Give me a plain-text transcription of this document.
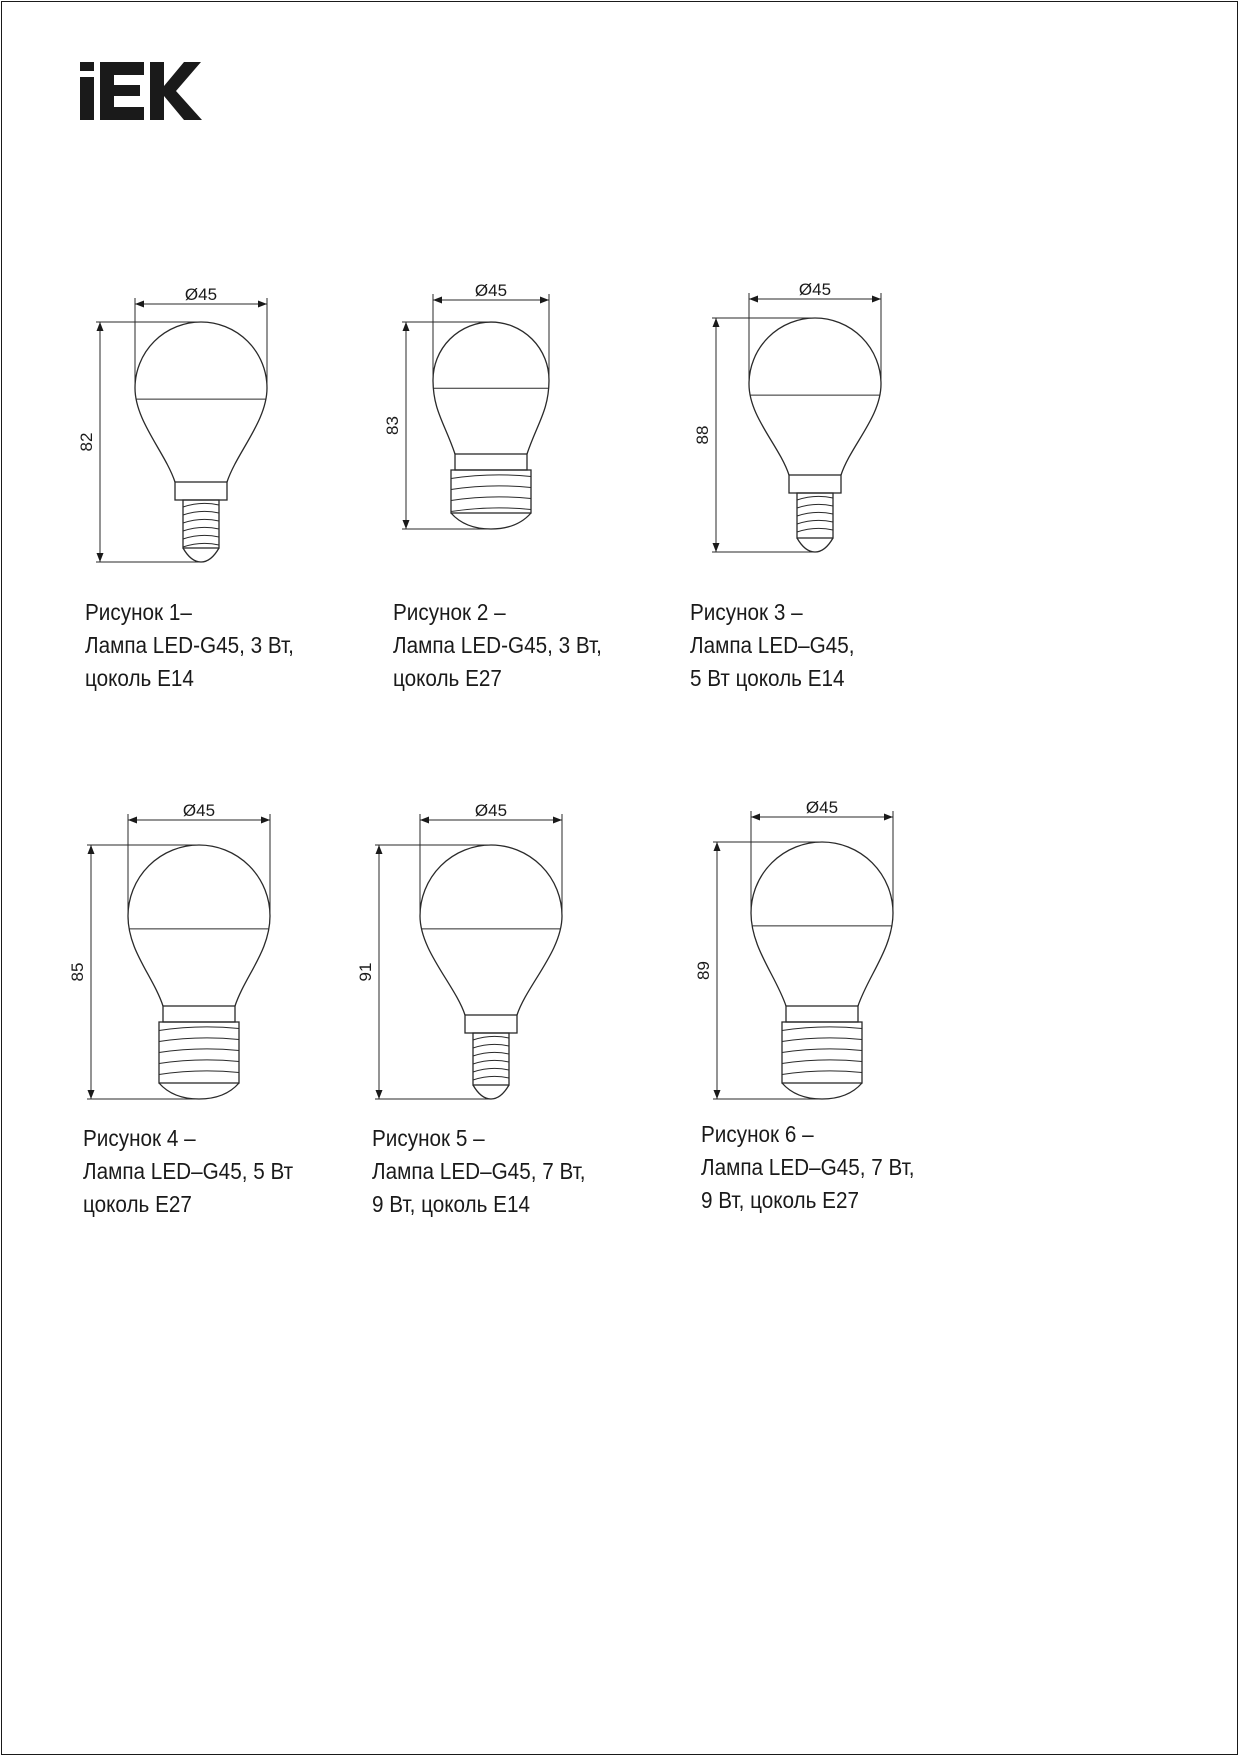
82
Ø45
Рисунок 1–
Лампа LED-G45, 3 Вт,
цоколь E14
83
Ø45
Рисунок 2 –
Лампа LED-G45, 3 Вт,
цоколь E27
88
Ø45
Рисунок 3 –
Лампа LED–G45,
5 Вт цоколь E14
85
Ø45
Рисунок 4 –
Лампа LED–G45, 5 Вт
цоколь E27
91
Ø45
Рисунок 5 –
Лампа LED–G45, 7 Вт,
9 Вт, цоколь E14
89
Ø45
Рисунок 6 –
Лампа LED–G45, 7 Вт,
9 Вт, цоколь E27
